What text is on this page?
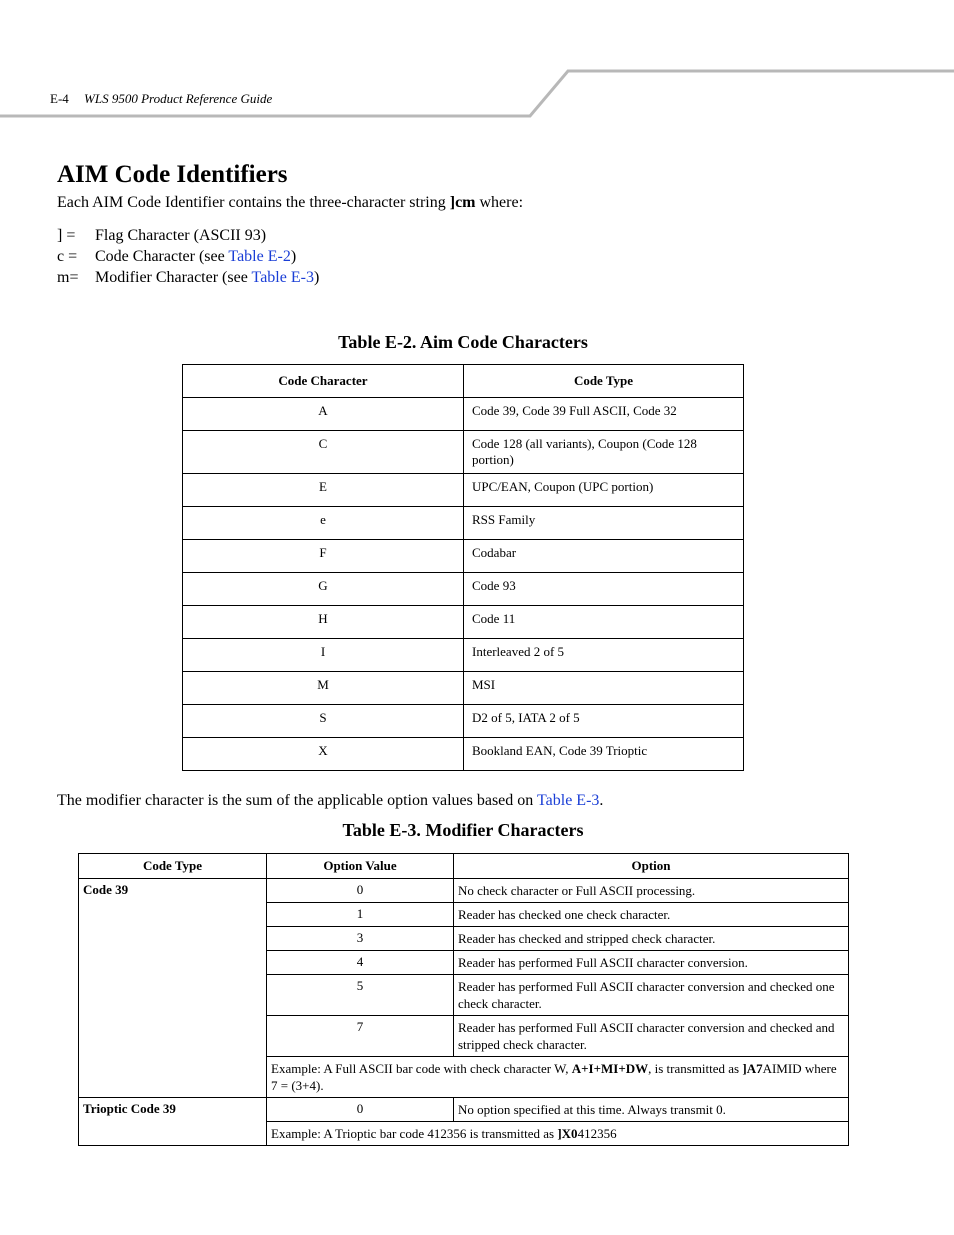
E-4 WLS 9500 Product Reference Guide
AIM Code Identifiers

Each AIM Code Identifier contains the three-character string ]cm where:

] = Flag Character (ASCII 93)
c = Code Character (see Table E-2)
m= Modifier Character (see Table E-3)
Table E-2. Aim Code Characters
Code Character	Code Type
A	Code 39, Code 39 Full ASCII, Code 32
C	Code 128 (all variants), Coupon (Code 128 portion)
E	UPC/EAN, Coupon (UPC portion)
e	RSS Family
F	Codabar
G	Code 93
H	Code 11
I	Interleaved 2 of 5
M	MSI
S	D2 of 5, IATA 2 of 5
X	Bookland EAN, Code 39 Trioptic

The modifier character is the sum of the applicable option values based on Table E-3.

Table E-3. Modifier Characters
Code Type	Option Value	Option
Code 39	0	No check character or Full ASCII processing.
	1	Reader has checked one check character.
	3	Reader has checked and stripped check character.
	4	Reader has performed Full ASCII character conversion.
	5	Reader has performed Full ASCII character conversion and checked one check character.
	7	Reader has performed Full ASCII character conversion and checked and stripped check character.
	Example: A Full ASCII bar code with check character W, A+I+MI+DW, is transmitted as ]A7AIMID where 7 = (3+4).	
Trioptic Code 39	0	No option specified at this time. Always transmit 0.
	Example: A Trioptic bar code 412356 is transmitted as ]X0412356	
